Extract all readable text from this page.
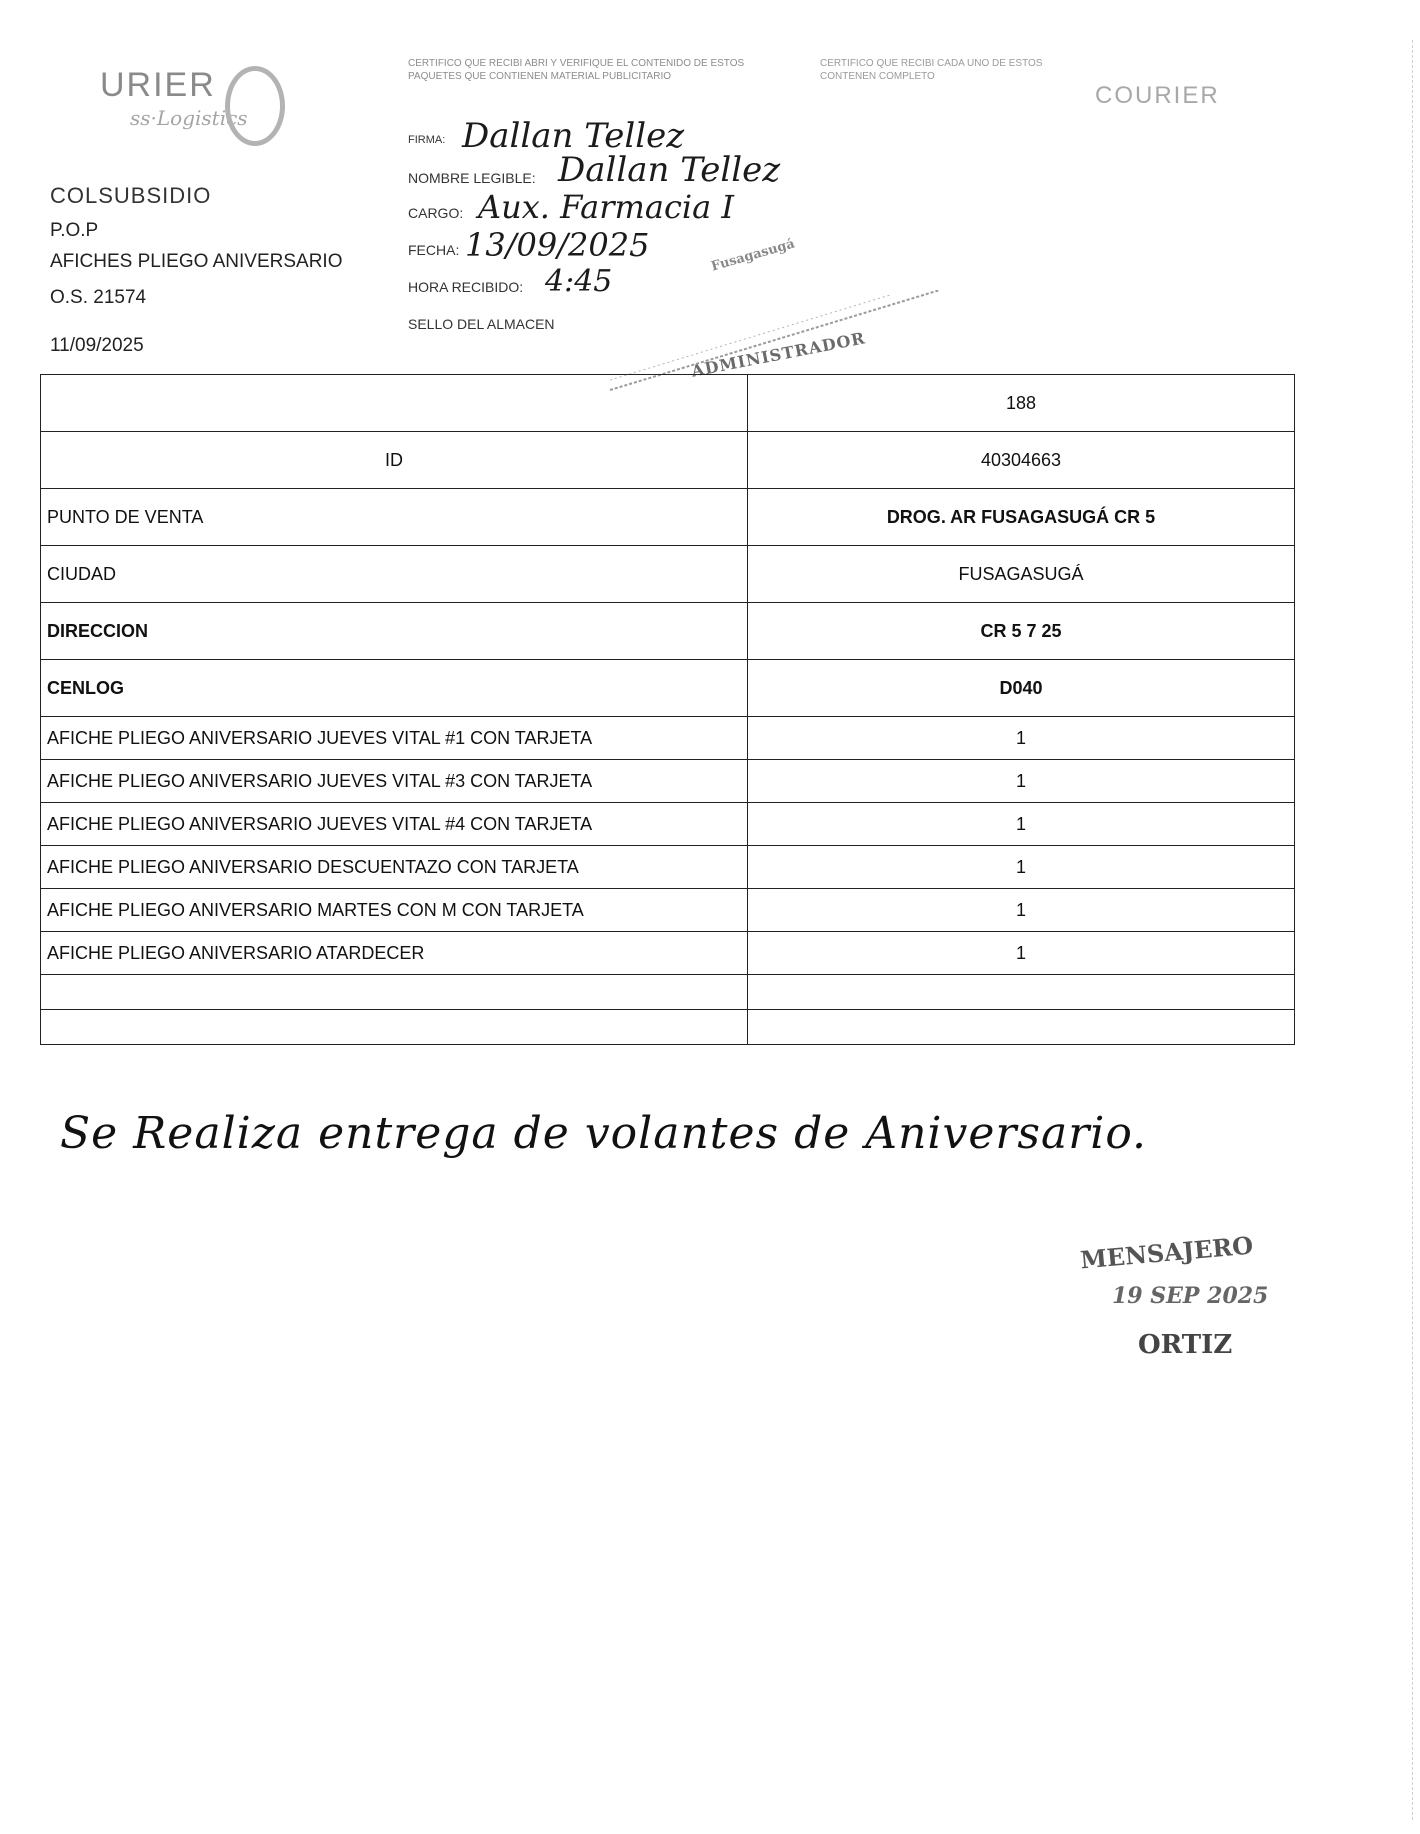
URIER
ss·Logistics
COLSUBSIDIO
P.O.P
AFICHES PLIEGO ANIVERSARIO
O.S. 21574
11/09/2025
CERTIFICO QUE RECIBI ABRI Y VERIFIQUE EL CONTENIDO DE ESTOS PAQUETES QUE CONTIENEN MATERIAL PUBLICITARIO
CERTIFICO QUE RECIBI CADA UNO DE ESTOS CONTENEN COMPLETO
COURIER
FIRMA: Dallan Tellez
NOMBRE LEGIBLE: Dallan Tellez
CARGO: Aux. Farmacia I
FECHA: 13/09/2025
HORA RECIBIDO: 4:45
SELLO DEL ALMACEN
ADMINISTRADOR
Fusagasugá
	188
ID	40304663
PUNTO DE VENTA	DROG. AR FUSAGASUGÁ CR 5
CIUDAD	FUSAGASUGÁ
DIRECCION	CR 5 7 25
CENLOG	D040
AFICHE PLIEGO ANIVERSARIO JUEVES VITAL #1 CON TARJETA	1
AFICHE PLIEGO ANIVERSARIO JUEVES VITAL #3 CON TARJETA	1
AFICHE PLIEGO ANIVERSARIO JUEVES VITAL #4 CON TARJETA	1
AFICHE PLIEGO ANIVERSARIO DESCUENTAZO CON TARJETA	1
AFICHE PLIEGO ANIVERSARIO MARTES CON M CON TARJETA	1
AFICHE PLIEGO ANIVERSARIO ATARDECER	1

Se Realiza entrega de volantes de Aniversario.
MENSAJERO
19 SEP 2025
ORTIZ
